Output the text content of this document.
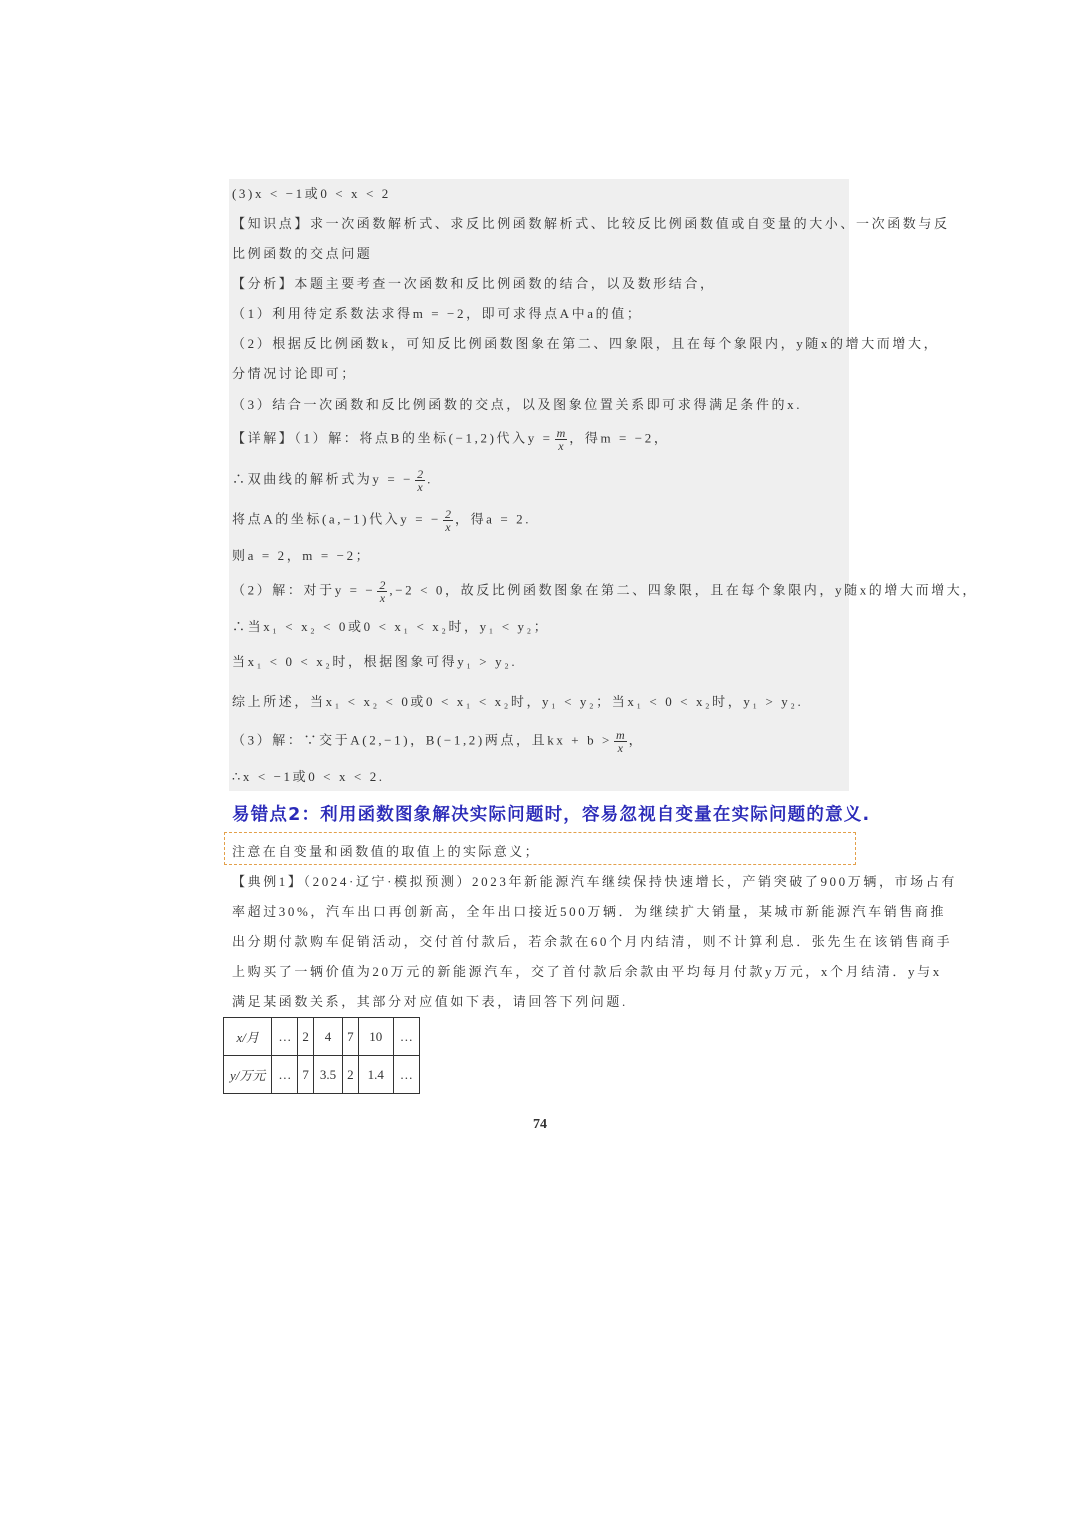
(3)x < −1或0 < x < 2
【知识点】求一次函数解析式、求反比例函数解析式、比较反比例函数值或自变量的大小、一次函数与反
比例函数的交点问题
【分析】本题主要考查一次函数和反比例函数的结合，以及数形结合，
（1）利用待定系数法求得m = −2，即可求得点A中a的值；
（2）根据反比例函数k，可知反比例函数图象在第二、四象限，且在每个象限内，y随x的增大而增大，
分情况讨论即可；
（3）结合一次函数和反比例函数的交点，以及图象位置关系即可求得满足条件的x.
【详解】（1）解：将点B的坐标(−1,2)代入$y = \frac{m}{x}$ ，得m = −2，
∴双曲线的解析式为y = − $\frac{2}{x}$ .
将点A的坐标(a,−1)代入y = − $\frac{2}{x}$ ，得a = 2.
则a = 2，m = −2；
（2）解：对于y = − $\frac{2}{x} ,-2 < 0$，故反比例函数图象在第二、四象限，且在每个象限内，y随x的增大而增大，
∴当x₁ < x₂ < 0或0 < x₁ < x₂时，y₁ < y₂；
当x₁ < 0 < x₂时，根据图象可得y₁ > y₂.
综上所述，当x₁ < x₂ < 0或0 < x₁ < x₂时，y₁ < y₂；当x₁ < 0 < x₂时，y₁ > y₂.
（3）解：∵交于A(2,−1)，B(−1,2)两点，且kx + $b > \frac{m}{x}$ ，
∴x < −1或0 < x < 2.
易错点2：利用函数图象解决实际问题时，容易忽视自变量在实际问题的意义.
注意在自变量和函数值的取值上的实际意义；
【典例1】（2024·辽宁·模拟预测）2023年新能源汽车继续保持快速增长，产销突破了900万辆，市场占有
率超过30%，汽车出口再创新高，全年出口接近500万辆．为继续扩大销量，某城市新能源汽车销售商推
出分期付款购车促销活动，交付首付款后，若余款在60个月内结清，则不计算利息．张先生在该销售商手
上购买了一辆价值为20万元的新能源汽车，交了首付款后余款由平均每月付款y万元，x个月结清．y与x
满足某函数关系，其部分对应值如下表，请回答下列问题.
x/月	…	2	4	7	10	…
y/万元	…	7	3.5	2	1.4	…
74
